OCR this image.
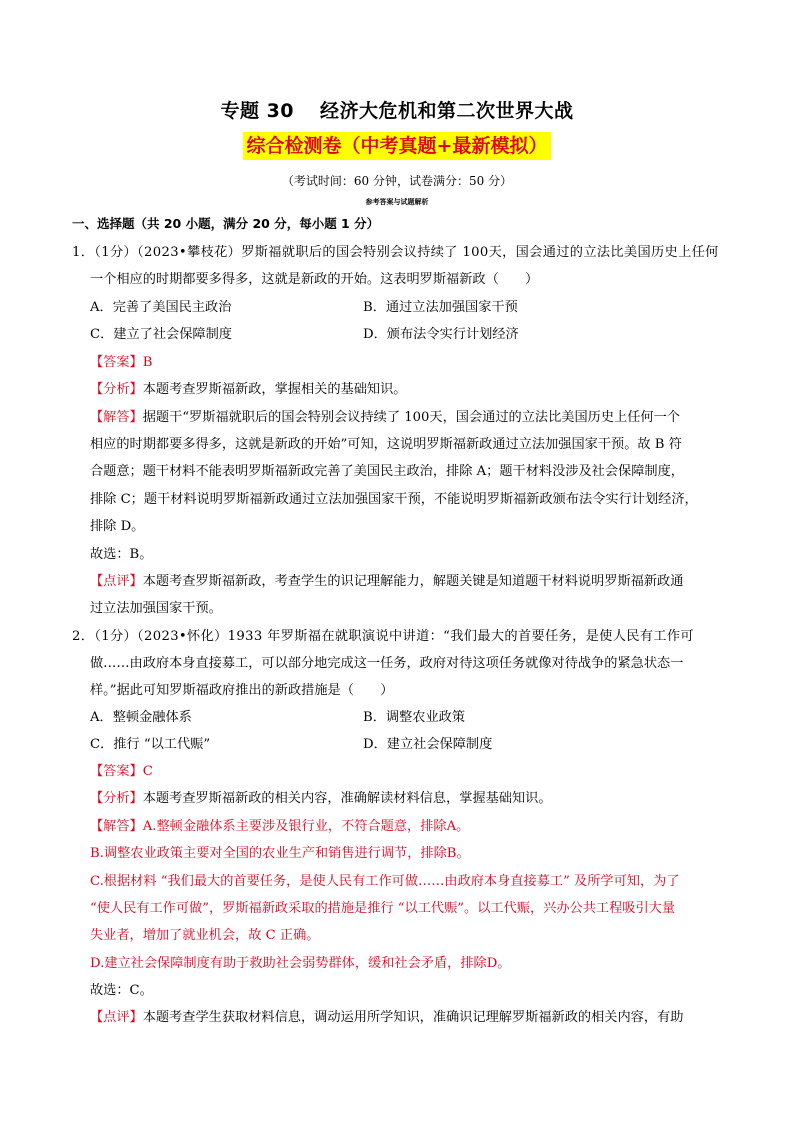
专题 30 经济大危机和第二次世界大战
综合检测卷（中考真题+最新模拟）
（考试时间：60 分钟，试卷满分：50 分）
参考答案与试题解析
一、选择题（共 20 小题，满分 20 分，每小题 1 分）
1．（1分）（2023•攀枝花）罗斯福就职后的国会特别会议持续了 100天，国会通过的立法比美国历史上任何
一个相应的时期都要多得多，这就是新政的开始。这表明罗斯福新政（　　）
A．完善了美国民主政治	B．通过立法加强国家干预
C．建立了社会保障制度	D．颁布法令实行计划经济
【答案】B
【分析】本题考查罗斯福新政，掌握相关的基础知识。
【解答】据题干“罗斯福就职后的国会特别会议持续了 100天，国会通过的立法比美国历史上任何一个
相应的时期都要多得多，这就是新政的开始”可知，这说明罗斯福新政通过立法加强国家干预。故 B 符
合题意；题干材料不能表明罗斯福新政完善了美国民主政治，排除 A；题干材料没涉及社会保障制度，
排除 C；题干材料说明罗斯福新政通过立法加强国家干预，不能说明罗斯福新政颁布法令实行计划经济，
排除 D。
故选：B。
【点评】本题考查罗斯福新政，考查学生的识记理解能力，解题关键是知道题干材料说明罗斯福新政通
过立法加强国家干预。
2．（1分）（2023•怀化）1933 年罗斯福在就职演说中讲道：“我们最大的首要任务，是使人民有工作可
做……由政府本身直接募工，可以部分地完成这一任务，政府对待这项任务就像对待战争的紧急状态一
样。”据此可知罗斯福政府推出的新政措施是（　　）
A．整顿金融体系	B．调整农业政策
C．推行 “以工代赈”	D．建立社会保障制度
【答案】C
【分析】本题考查罗斯福新政的相关内容，准确解读材料信息，掌握基础知识。
【解答】A.整顿金融体系主要涉及银行业，不符合题意，排除A。
B.调整农业政策主要对全国的农业生产和销售进行调节，排除B。
C.根据材料 “我们最大的首要任务，是使人民有工作可做……由政府本身直接募工” 及所学可知，为了
“使人民有工作可做”，罗斯福新政采取的措施是推行 “以工代赈”。以工代赈，兴办公共工程吸引大量
失业者，增加了就业机会，故 C 正确。
D.建立社会保障制度有助于救助社会弱势群体，缓和社会矛盾，排除D。
故选：C。
【点评】本题考查学生获取材料信息，调动运用所学知识，准确识记理解罗斯福新政的相关内容，有助
